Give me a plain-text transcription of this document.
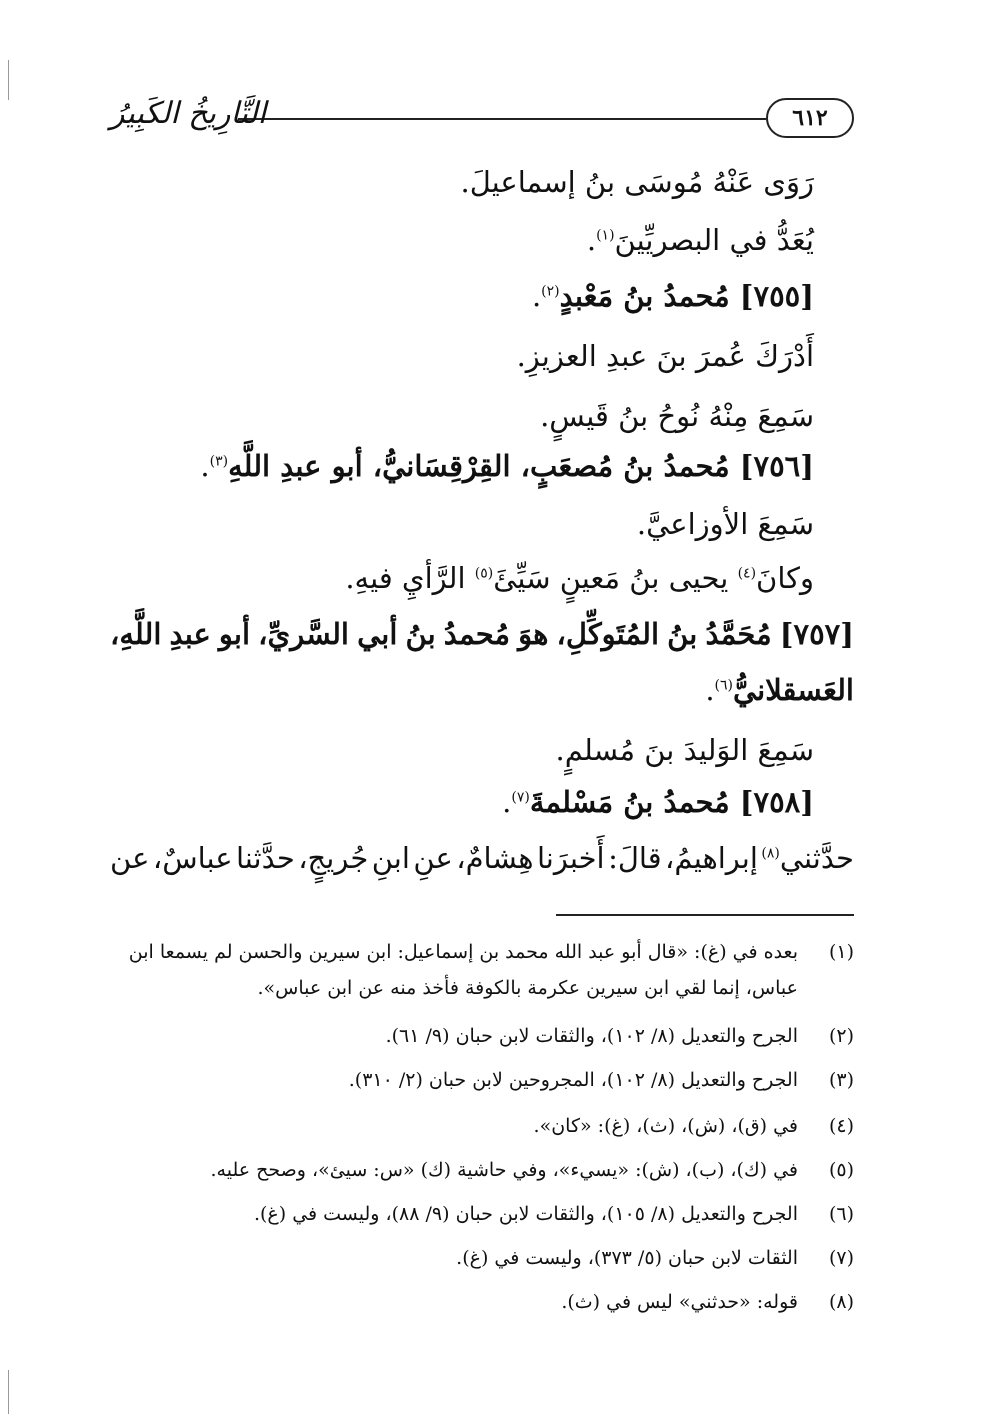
٦١٢
التَّارِيخُ الكَبِيرُ
رَوَى عَنْهُ مُوسَى بنُ إسماعيلَ.
يُعَدُّ في البصريِّينَ$^{(١)}$.
[٧٥٥] مُحمدُ بنُ مَعْبدٍ$^{(٢)}$.
أَدْرَكَ عُمرَ بنَ عبدِ العزيزِ.
سَمِعَ مِنْهُ نُوحُ بنُ قَيسٍ.
[٧٥٦] مُحمدُ بنُ مُصعَبٍ، القِرْقِسَانيُّ، أبو عبدِ اللَّهِ$^{(٣)}$.
سَمِعَ الأوزاعيَّ.
وكانَ$^{(٤)}$ يحيى بنُ مَعينٍ سَيِّئَ$^{(٥)}$ الرَّأيِ فيهِ.
[٧٥٧]
مُحَمَّدُ
بنُ
المُتَوكِّلِ،
هوَ
مُحمدُ
بنُ
أبي
السَّريِّ،
أبو
عبدِ
اللَّهِ،
العَسقلانيُّ$^{(٦)}$.
سَمِعَ الوَليدَ بنَ مُسلمٍ.
[٧٥٨] مُحمدُ بنُ مَسْلمةَ$^{(٧)}$.
حدَّثني$^{(٨)}$
إبراهيمُ،
قالَ:
أَخبرَنا
هِشامٌ،
عنِ
ابنِ
جُريجٍ،
حدَّثنا
عباسٌ،
عن
(١)
بعده في (غ): «قال أبو عبد الله محمد بن إسماعيل: ابن سيرين والحسن لم يسمعا ابن
عباس، إنما لقي ابن سيرين عكرمة بالكوفة فأخذ منه عن ابن عباس».
(٢)
الجرح والتعديل (٨/ ١٠٢)، والثقات لابن حبان (٩/ ٦١).
(٣)
الجرح والتعديل (٨/ ١٠٢)، المجروحين لابن حبان (٢/ ٣١٠).
(٤)
في (ق)، (ش)، (ث)، (غ): «كان».
(٥)
في (ك)، (ب)، (ش): «يسيء»، وفي حاشية (ك) «س: سيئ»، وصحح عليه.
(٦)
الجرح والتعديل (٨/ ١٠٥)، والثقات لابن حبان (٩/ ٨٨)، وليست في (غ).
(٧)
الثقات لابن حبان (٥/ ٣٧٣)، وليست في (غ).
(٨)
قوله: «حدثني» ليس في (ث).
